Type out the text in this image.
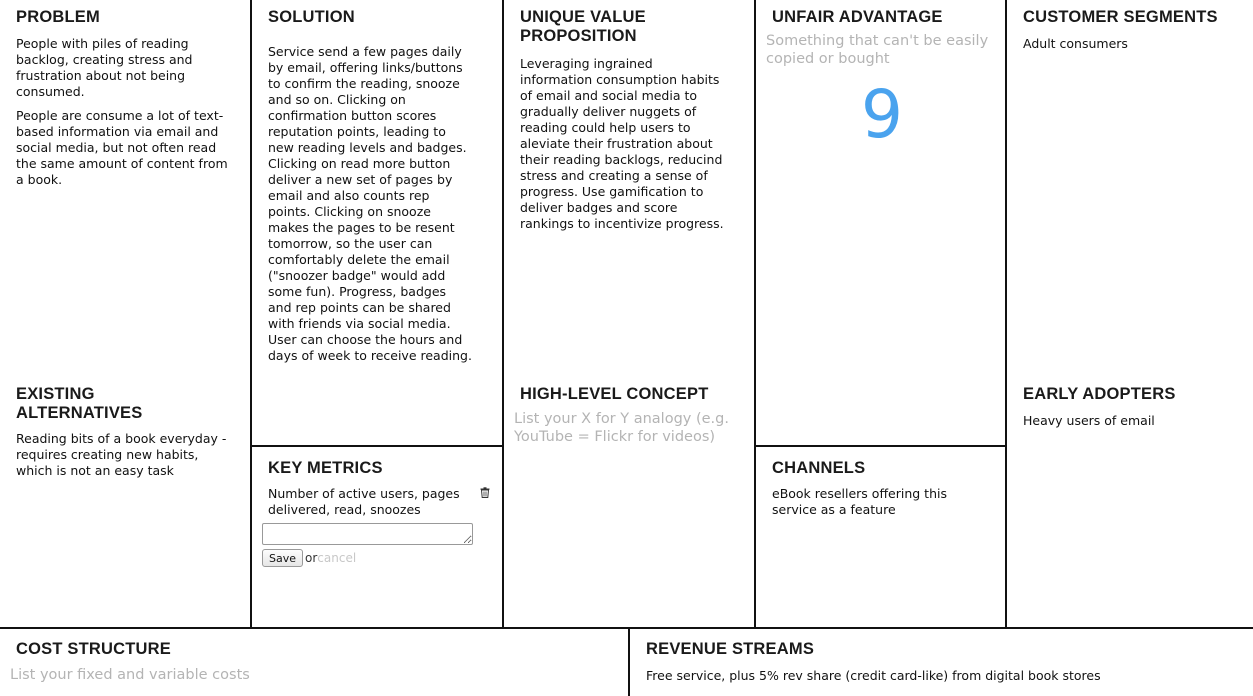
PROBLEM

People with piles of reading backlog, creating stress and frustration about not being consumed.

People are consume a lot of text-based information via email and social media, but not often read the same amount of content from a book.

EXISTING ALTERNATIVES
Reading bits of a book everyday - requires creating new habits, which is not an easy task
SOLUTION
Service send a few pages daily by email, offering links/buttons to confirm the reading, snooze and so on. Clicking on confirmation button scores reputation points, leading to new reading levels and badges. Clicking on read more button deliver a new set of pages by email and also counts rep points. Clicking on snooze makes the pages to be resent tomorrow, so the user can comfortably delete the email ("snoozer badge" would add some fun). Progress, badges and rep points can be shared with friends via social media. User can choose the hours and days of week to receive reading.
KEY METRICS
Number of active users, pages delivered, read, snoozes
Save or cancel
UNIQUE VALUE PROPOSITION
Leveraging ingrained information consumption habits of email and social media to gradually deliver nuggets of reading could help users to aleviate their frustration about their reading backlogs, reducind stress and creating a sense of progress. Use gamification to deliver badges and score rankings to incentivize progress.
HIGH-LEVEL CONCEPT
List your X for Y analogy (e.g. YouTube = Flickr for videos)
UNFAIR ADVANTAGE
Something that can't be easily copied or bought
9
CHANNELS
eBook resellers offering this service as a feature
CUSTOMER SEGMENTS
Adult consumers
EARLY ADOPTERS
Heavy users of email
COST STRUCTURE
List your fixed and variable costs
REVENUE STREAMS
Free service, plus 5% rev share (credit card-like) from digital book stores
